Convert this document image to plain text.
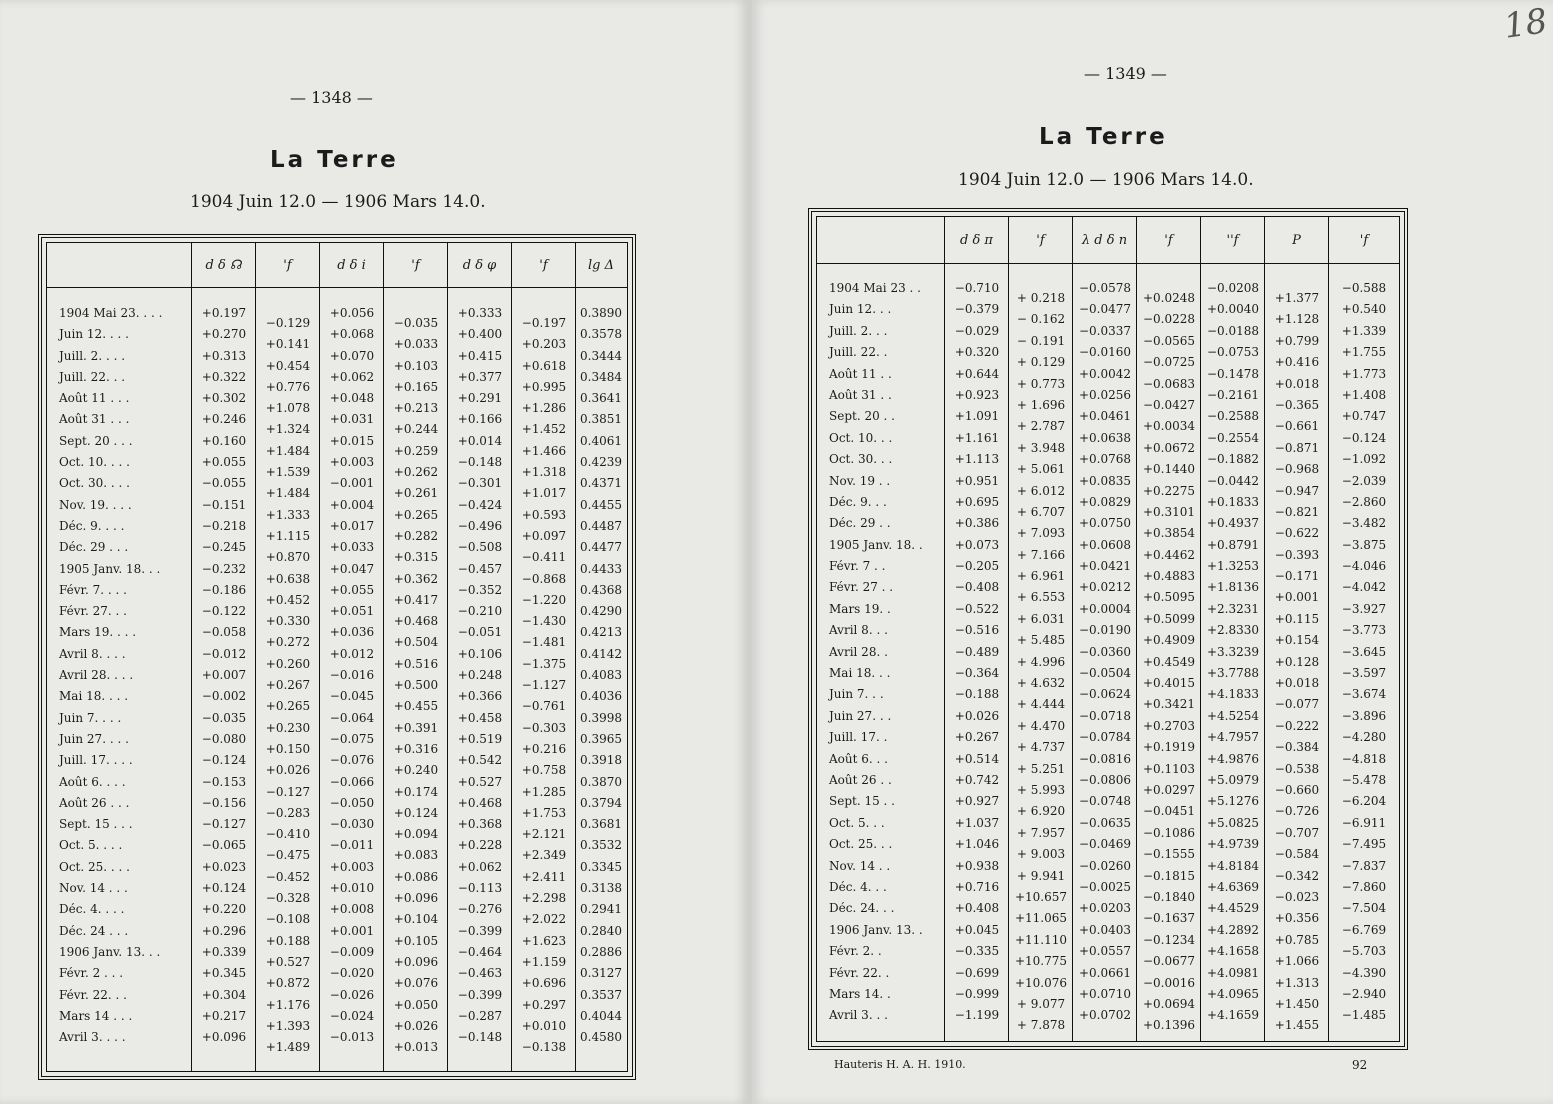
— 1348 —
La Terre
1904 Juin 12.0 — 1906 Mars 14.0.
d δ ☊	'f	d δ i	'f	d δ φ	'f	lg Δ
1904 Mai 23. . . .	+0.197
−0.129
+0.056
−0.035
+0.333
−0.197
0.3890
Juin 12. . . .	+0.270
+0.141
+0.068
+0.033
+0.400
+0.203
0.3578
Juill. 2. . . .	+0.313
+0.454
+0.070
+0.103
+0.415
+0.618
0.3444
Juill. 22. . .	+0.322
+0.776
+0.062
+0.165
+0.377
+0.995
0.3484
Août 11 . . .	+0.302
+1.078
+0.048
+0.213
+0.291
+1.286
0.3641
Août 31 . . .	+0.246
+1.324
+0.031
+0.244
+0.166
+1.452
0.3851
Sept. 20 . . .	+0.160
+1.484
+0.015
+0.259
+0.014
+1.466
0.4061
Oct. 10. . . .	+0.055
+1.539
+0.003
+0.262
−0.148
+1.318
0.4239
Oct. 30. . . .	−0.055
+1.484
−0.001
+0.261
−0.301
+1.017
0.4371
Nov. 19. . . .	−0.151
+1.333
+0.004
+0.265
−0.424
+0.593
0.4455
Déc. 9. . . .	−0.218
+1.115
+0.017
+0.282
−0.496
+0.097
0.4487
Déc. 29 . . .	−0.245
+0.870
+0.033
+0.315
−0.508
−0.411
0.4477
1905 Janv. 18. . .	−0.232
+0.638
+0.047
+0.362
−0.457
−0.868
0.4433
Févr. 7. . . .	−0.186
+0.452
+0.055
+0.417
−0.352
−1.220
0.4368
Févr. 27. . .	−0.122
+0.330
+0.051
+0.468
−0.210
−1.430
0.4290
Mars 19. . . .	−0.058
+0.272
+0.036
+0.504
−0.051
−1.481
0.4213
Avril 8. . . .	−0.012
+0.260
+0.012
+0.516
+0.106
−1.375
0.4142
Avril 28. . . .	+0.007
+0.267
−0.016
+0.500
+0.248
−1.127
0.4083
Mai 18. . . .	−0.002
+0.265
−0.045
+0.455
+0.366
−0.761
0.4036
Juin 7. . . .	−0.035
+0.230
−0.064
+0.391
+0.458
−0.303
0.3998
Juin 27. . . .	−0.080
+0.150
−0.075
+0.316
+0.519
+0.216
0.3965
Juill. 17. . . .	−0.124
+0.026
−0.076
+0.240
+0.542
+0.758
0.3918
Août 6. . . .	−0.153
−0.127
−0.066
+0.174
+0.527
+1.285
0.3870
Août 26 . . .	−0.156
−0.283
−0.050
+0.124
+0.468
+1.753
0.3794
Sept. 15 . . .	−0.127
−0.410
−0.030
+0.094
+0.368
+2.121
0.3681
Oct. 5. . . .	−0.065
−0.475
−0.011
+0.083
+0.228
+2.349
0.3532
Oct. 25. . . .	+0.023
−0.452
+0.003
+0.086
+0.062
+2.411
0.3345
Nov. 14 . . .	+0.124
−0.328
+0.010
+0.096
−0.113
+2.298
0.3138
Déc. 4. . . .	+0.220
−0.108
+0.008
+0.104
−0.276
+2.022
0.2941
Déc. 24 . . .	+0.296
+0.188
+0.001
+0.105
−0.399
+1.623
0.2840
1906 Janv. 13. . .	+0.339
+0.527
−0.009
+0.096
−0.464
+1.159
0.2886
Févr. 2 . . .	+0.345
+0.872
−0.020
+0.076
−0.463
+0.696
0.3127
Févr. 22. . .	+0.304
+1.176
−0.026
+0.050
−0.399
+0.297
0.3537
Mars 14 . . .	+0.217
+1.393
−0.024
+0.026
−0.287
+0.010
0.4044
Avril 3. . . .	+0.096
+1.489
−0.013
+0.013
−0.148
−0.138
0.4580
18
— 1349 —
La Terre
1904 Juin 12.0 — 1906 Mars 14.0.
d δ π	'f	λ d δ n	'f	''f	P	'f
1904 Mai 23 . .	−0.710
+ 0.218
−0.0578
+0.0248
−0.0208
+1.377
−0.588
Juin 12. . .	−0.379
− 0.162
−0.0477
−0.0228
+0.0040
+1.128
+0.540
Juill. 2. . .	−0.029
− 0.191
−0.0337
−0.0565
−0.0188
+0.799
+1.339
Juill. 22. .	+0.320
+ 0.129
−0.0160
−0.0725
−0.0753
+0.416
+1.755
Août 11 . .	+0.644
+ 0.773
+0.0042
−0.0683
−0.1478
+0.018
+1.773
Août 31 . .	+0.923
+ 1.696
+0.0256
−0.0427
−0.2161
−0.365
+1.408
Sept. 20 . .	+1.091
+ 2.787
+0.0461
+0.0034
−0.2588
−0.661
+0.747
Oct. 10. . .	+1.161
+ 3.948
+0.0638
+0.0672
−0.2554
−0.871
−0.124
Oct. 30. . .	+1.113
+ 5.061
+0.0768
+0.1440
−0.1882
−0.968
−1.092
Nov. 19 . .	+0.951
+ 6.012
+0.0835
+0.2275
−0.0442
−0.947
−2.039
Déc. 9. . .	+0.695
+ 6.707
+0.0829
+0.3101
+0.1833
−0.821
−2.860
Déc. 29 . .	+0.386
+ 7.093
+0.0750
+0.3854
+0.4937
−0.622
−3.482
1905 Janv. 18. .	+0.073
+ 7.166
+0.0608
+0.4462
+0.8791
−0.393
−3.875
Févr. 7 . .	−0.205
+ 6.961
+0.0421
+0.4883
+1.3253
−0.171
−4.046
Févr. 27 . .	−0.408
+ 6.553
+0.0212
+0.5095
+1.8136
+0.001
−4.042
Mars 19. .	−0.522
+ 6.031
+0.0004
+0.5099
+2.3231
+0.115
−3.927
Avril 8. . .	−0.516
+ 5.485
−0.0190
+0.4909
+2.8330
+0.154
−3.773
Avril 28. .	−0.489
+ 4.996
−0.0360
+0.4549
+3.3239
+0.128
−3.645
Mai 18. . .	−0.364
+ 4.632
−0.0504
+0.4015
+3.7788
+0.018
−3.597
Juin 7. . .	−0.188
+ 4.444
−0.0624
+0.3421
+4.1833
−0.077
−3.674
Juin 27. . .	+0.026
+ 4.470
−0.0718
+0.2703
+4.5254
−0.222
−3.896
Juill. 17. .	+0.267
+ 4.737
−0.0784
+0.1919
+4.7957
−0.384
−4.280
Août 6. . .	+0.514
+ 5.251
−0.0816
+0.1103
+4.9876
−0.538
−4.818
Août 26 . .	+0.742
+ 5.993
−0.0806
+0.0297
+5.0979
−0.660
−5.478
Sept. 15 . .	+0.927
+ 6.920
−0.0748
−0.0451
+5.1276
−0.726
−6.204
Oct. 5. . .	+1.037
+ 7.957
−0.0635
−0.1086
+5.0825
−0.707
−6.911
Oct. 25. . .	+1.046
+ 9.003
−0.0469
−0.1555
+4.9739
−0.584
−7.495
Nov. 14 . .	+0.938
+ 9.941
−0.0260
−0.1815
+4.8184
−0.342
−7.837
Déc. 4. . .	+0.716
+10.657
−0.0025
−0.1840
+4.6369
−0.023
−7.860
Déc. 24. . .	+0.408
+11.065
+0.0203
−0.1637
+4.4529
+0.356
−7.504
1906 Janv. 13. .	+0.045
+11.110
+0.0403
−0.1234
+4.2892
+0.785
−6.769
Févr. 2. .	−0.335
+10.775
+0.0557
−0.0677
+4.1658
+1.066
−5.703
Févr. 22. .	−0.699
+10.076
+0.0661
−0.0016
+4.0981
+1.313
−4.390
Mars 14. .	−0.999
+ 9.077
+0.0710
+0.0694
+4.0965
+1.450
−2.940
Avril 3. . .	−1.199
+ 7.878
+0.0702
+0.1396
+4.1659
+1.455
−1.485
Hauteris H. A. H. 1910.	92
